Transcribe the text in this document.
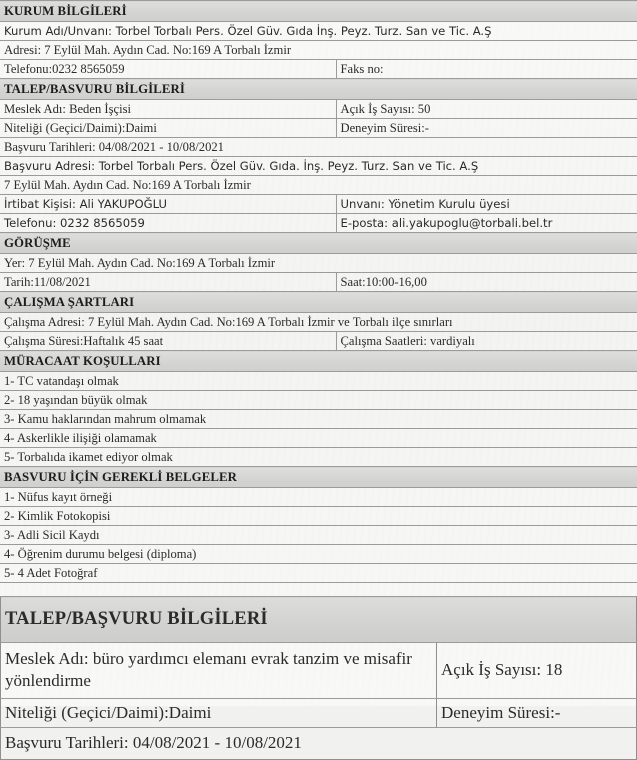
KURUM BİLGİLERİ	
Kurum Adı/Unvanı: Torbel Torbalı Pers. Özel Güv. Gıda İnş. Peyz. Turz. San ve Tic. A.Ş	
Adresi: 7 Eylül Mah. Aydın Cad. No:169 A Torbalı İzmir	
Telefonu:0232 8565059	Faks no:
TALEP/BASVURU BİLGİLERİ	
Meslek Adı: Beden İşçisi	Açık İş Sayısı: 50
Niteliği (Geçici/Daimi):Daimi	Deneyim Süresi:-
Başvuru Tarihleri: 04/08/2021 - 10/08/2021	
Başvuru Adresi: Torbel Torbalı Pers. Özel Güv. Gıda. İnş. Peyz. Turz. San ve Tic. A.Ş	
7 Eylül Mah. Aydın Cad. No:169 A Torbalı İzmir	
İrtibat Kişisi: Ali YAKUPOĞLU	Unvanı: Yönetim Kurulu üyesi
Telefonu: 0232 8565059	E-posta: ali.yakupoglu@torbali.bel.tr
GÖRÜŞME	
Yer: 7 Eylül Mah. Aydın Cad. No:169 A Torbalı İzmir	
Tarih:11/08/2021	Saat:10:00-16,00
ÇALIŞMA ŞARTLARI	
Çalışma Adresi: 7 Eylül Mah. Aydın Cad. No:169 A Torbalı İzmir ve Torbalı ilçe sınırları	
Çalışma Süresi:Haftalık 45 saat	Çalışma Saatleri: vardiyalı
MÜRACAAT KOŞULLARI	
1- TC vatandaşı olmak	
2- 18 yaşından büyük olmak	
3- Kamu haklarından mahrum olmamak	
4- Askerlikle ilişiği olamamak	
5- Torbalıda ikamet ediyor olmak	
BASVURU İÇİN GEREKLİ BELGELER	
1- Nüfus kayıt örneği	
2- Kimlik Fotokopisi	
3- Adli Sicil Kaydı	
4- Öğrenim durumu belgesi (diploma)	
5- 4 Adet Fotoğraf	
TALEP/BAŞVURU BİLGİLERİ	
Meslek Adı: büro yardımcı elemanı evrak tanzim ve misafir yönlendirme	Açık İş Sayısı: 18
Niteliği (Geçici/Daimi):Daimi	Deneyim Süresi:-
Başvuru Tarihleri: 04/08/2021 - 10/08/2021	
